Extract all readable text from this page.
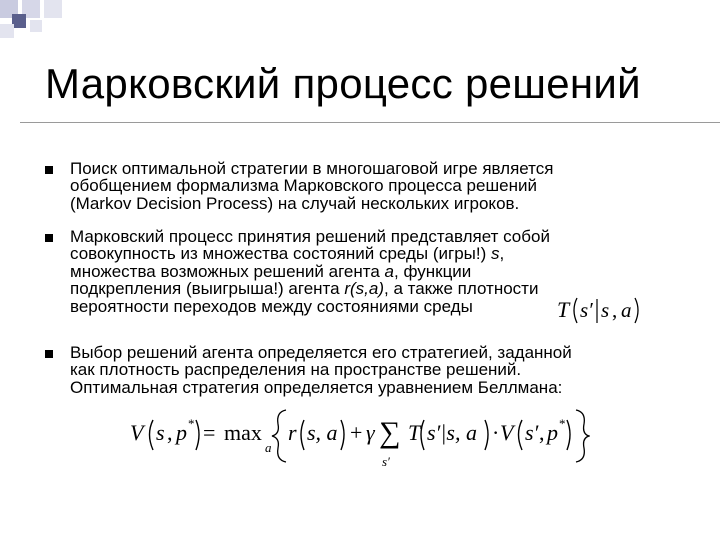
Марковский процесс решений
Поиск оптимальной стратегии в многошаговой игре является
обобщением формализма Марковского процесса решений
(Markov Decision Process) на случай нескольких игроков.
Марковский процесс принятия решений представляет собой
совокупность из множества состояний среды (игры!) s,
множества возможных решений агента a, функции
подкрепления (выигрыша!) агента r(s,a), а также плотности
вероятности переходов между состояниями среды	T s′ s , a
Выбор решений агента определяется его стратегией, заданной
как плотность распределения на пространстве решений.
Оптимальная стратегия определяется уравнением Беллмана:
V s , p * = max
a
r s, a + γ ∑
s′
T s′|s, a · V s′ , p *
